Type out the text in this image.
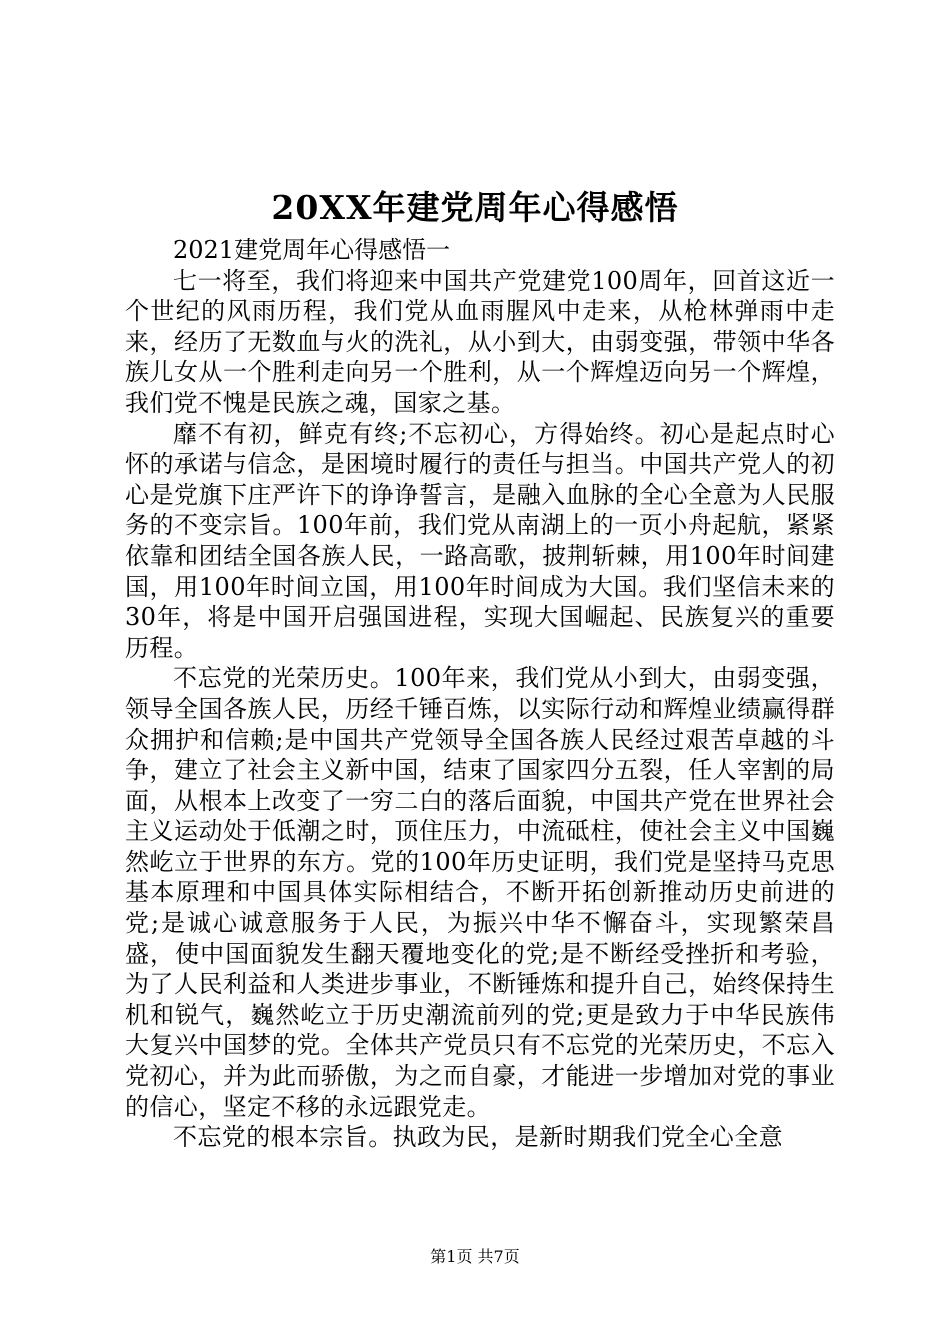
20XX年建党周年心得感悟

2021建党周年心得感悟一

七一将至，我们将迎来中国共产党建党100周年，回首这近一个世纪的风雨历程，我们党从血雨腥风中走来，从枪林弹雨中走来，经历了无数血与火的洗礼，从小到大，由弱变强，带领中华各族儿女从一个胜利走向另一个胜利，从一个辉煌迈向另一个辉煌，我们党不愧是民族之魂，国家之基。

靡不有初，鲜克有终;不忘初心，方得始终。初心是起点时心怀的承诺与信念，是困境时履行的责任与担当。中国共产党人的初心是党旗下庄严许下的诤诤誓言，是融入血脉的全心全意为人民服务的不变宗旨。100年前，我们党从南湖上的一页小舟起航，紧紧依靠和团结全国各族人民，一路高歌，披荆斩棘，用100年时间建国，用100年时间立国，用100年时间成为大国。我们坚信未来的30年，将是中国开启强国进程，实现大国崛起、民族复兴的重要历程。

不忘党的光荣历史。100年来，我们党从小到大，由弱变强，领导全国各族人民，历经千锤百炼，以实际行动和辉煌业绩赢得群众拥护和信赖;是中国共产党领导全国各族人民经过艰苦卓越的斗争，建立了社会主义新中国，结束了国家四分五裂，任人宰割的局面，从根本上改变了一穷二白的落后面貌，中国共产党在世界社会主义运动处于低潮之时，顶住压力，中流砥柱，使社会主义中国巍然屹立于世界的东方。党的100年历史证明，我们党是坚持马克思基本原理和中国具体实际相结合，不断开拓创新推动历史前进的党;是诚心诚意服务于人民，为振兴中华不懈奋斗，实现繁荣昌盛，使中国面貌发生翻天覆地变化的党;是不断经受挫折和考验，为了人民利益和人类进步事业，不断锤炼和提升自己，始终保持生机和锐气，巍然屹立于历史潮流前列的党;更是致力于中华民族伟大复兴中国梦的党。全体共产党员只有不忘党的光荣历史，不忘入党初心，并为此而骄傲，为之而自豪，才能进一步增加对党的事业的信心，坚定不移的永远跟党走。

不忘党的根本宗旨。执政为民，是新时期我们党全心全意

第1页 共7页
